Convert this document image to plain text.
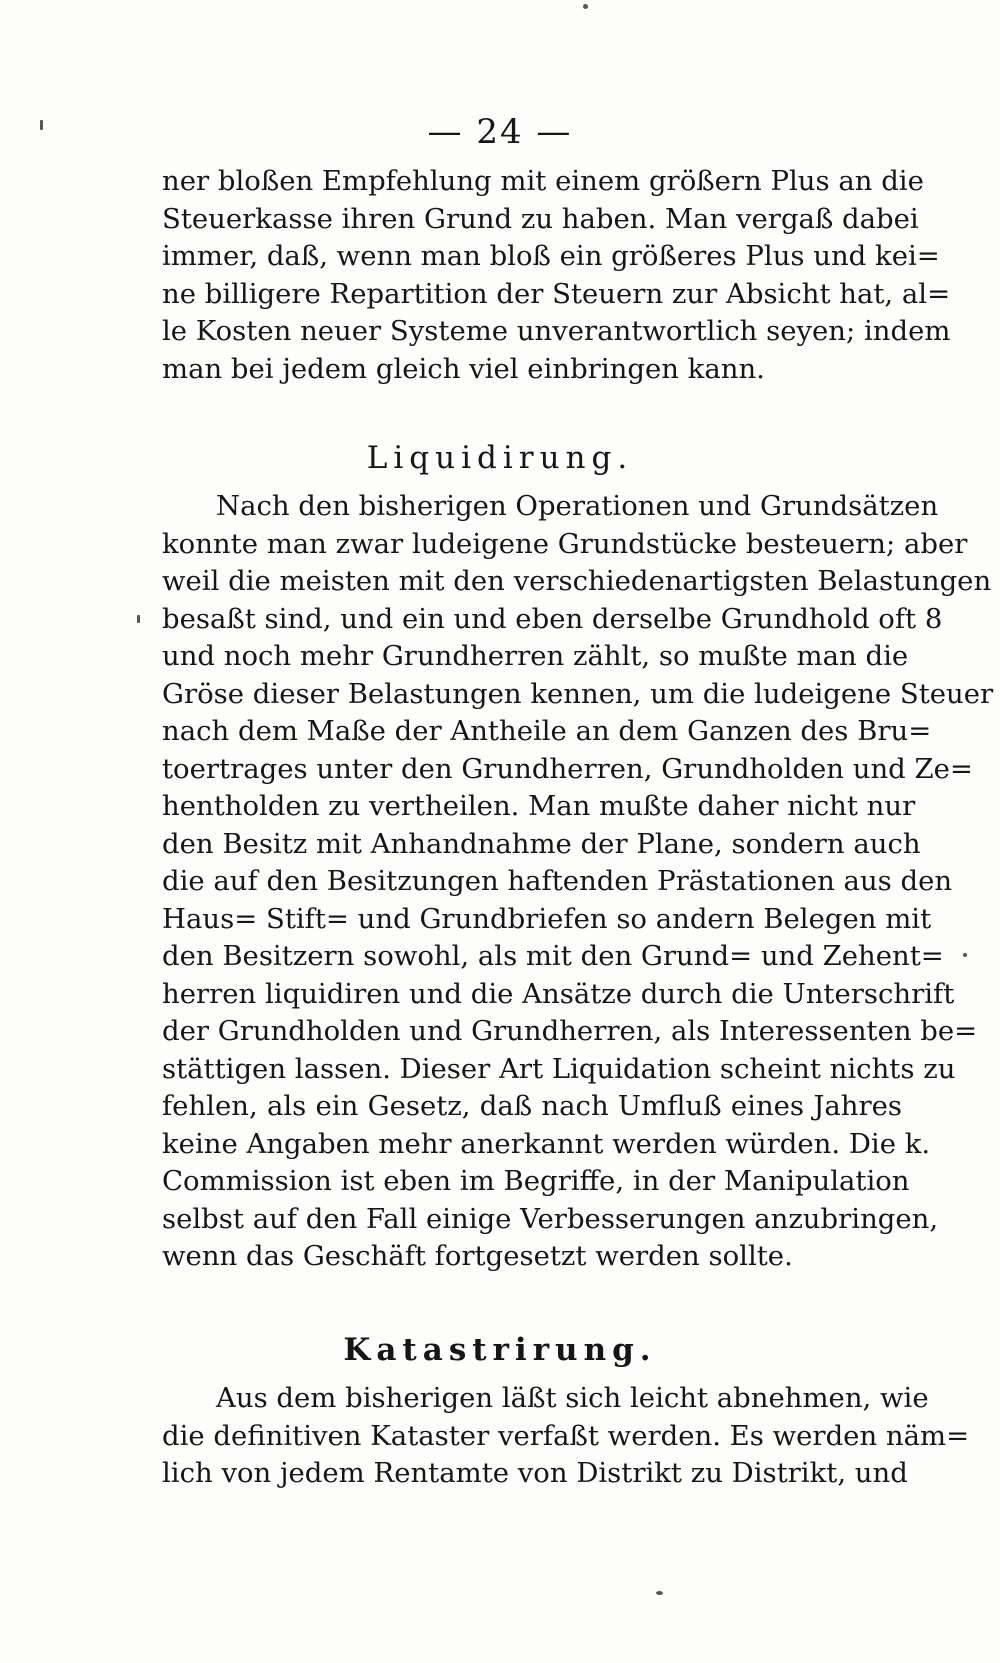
— 24 —
ner bloßen Empfehlung mit einem größern Plus an die
Steuerkasse ihren Grund zu haben. Man vergaß dabei
immer, daß, wenn man bloß ein größeres Plus und kei=
ne billigere Repartition der Steuern zur Absicht hat, al=
le Kosten neuer Systeme unverantwortlich seyen; indem
man bei jedem gleich viel einbringen kann.
Liquidirung.
Nach den bisherigen Operationen und Grundsätzen
konnte man zwar ludeigene Grundstücke besteuern; aber
weil die meisten mit den verschiedenartigsten Belastungen
besaßt sind, und ein und eben derselbe Grundhold oft 8
und noch mehr Grundherren zählt, so mußte man die
Gröse dieser Belastungen kennen, um die ludeigene Steuer
nach dem Maße der Antheile an dem Ganzen des Bru=
toertrages unter den Grundherren, Grundholden und Ze=
hentholden zu vertheilen. Man mußte daher nicht nur
den Besitz mit Anhandnahme der Plane, sondern auch
die auf den Besitzungen haftenden Prästationen aus den
Haus= Stift= und Grundbriefen so andern Belegen mit
den Besitzern sowohl, als mit den Grund= und Zehent=
herren liquidiren und die Ansätze durch die Unterschrift
der Grundholden und Grundherren, als Interessenten be=
stättigen lassen. Dieser Art Liquidation scheint nichts zu
fehlen, als ein Gesetz, daß nach Umfluß eines Jahres
keine Angaben mehr anerkannt werden würden. Die k.
Commission ist eben im Begriffe, in der Manipulation
selbst auf den Fall einige Verbesserungen anzubringen,
wenn das Geschäft fortgesetzt werden sollte.
Katastrirung.
Aus dem bisherigen läßt sich leicht abnehmen, wie
die definitiven Kataster verfaßt werden. Es werden näm=
lich von jedem Rentamte von Distrikt zu Distrikt, und
